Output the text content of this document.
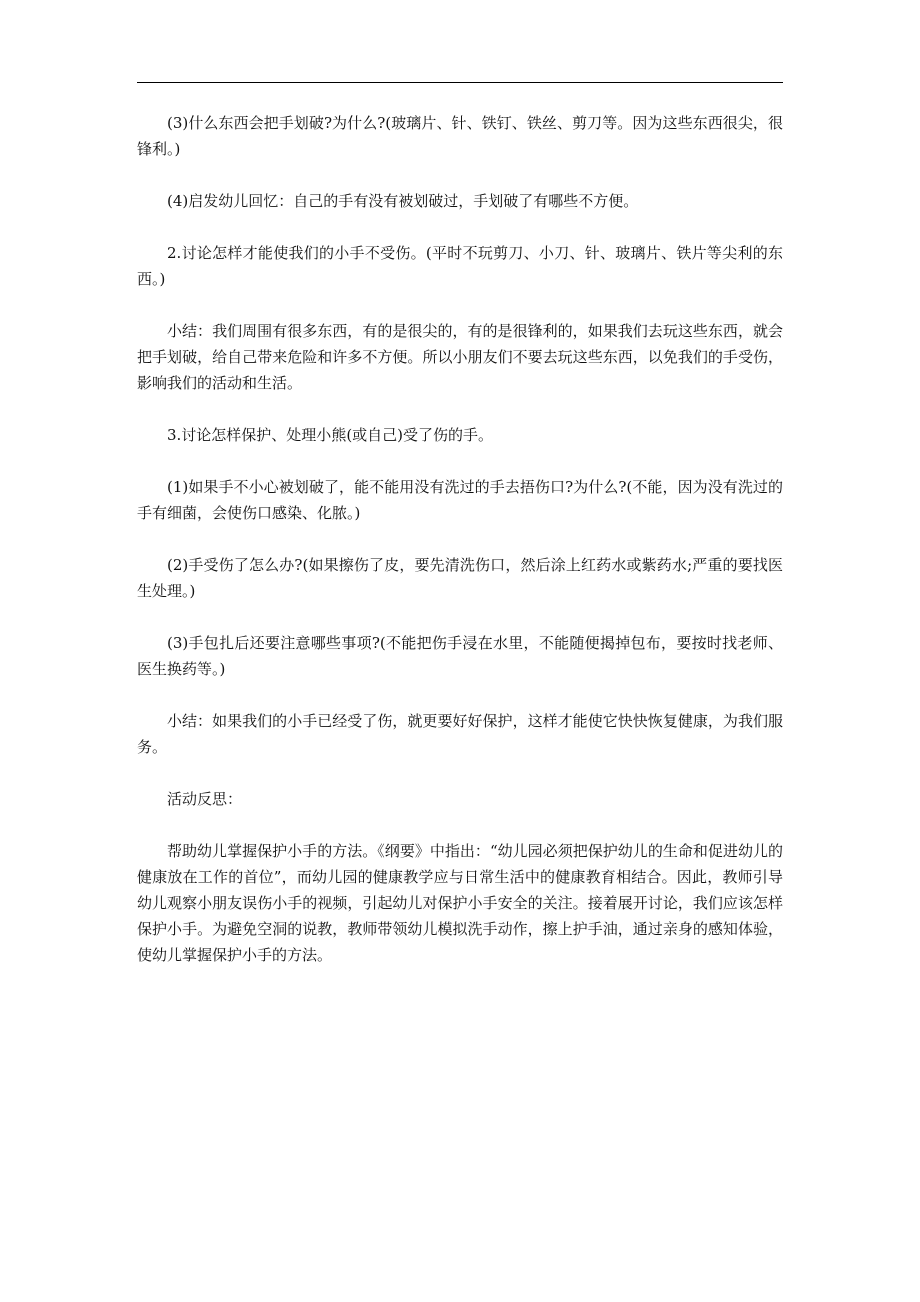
(3)什么东西会把手划破?为什么?(玻璃片、针、铁钉、铁丝、剪刀等。因为这些东西很尖，很锋利。)

(4)启发幼儿回忆：自己的手有没有被划破过，手划破了有哪些不方便。

2.讨论怎样才能使我们的小手不受伤。(平时不玩剪刀、小刀、针、玻璃片、铁片等尖利的东西。)

小结：我们周围有很多东西，有的是很尖的，有的是很锋利的，如果我们去玩这些东西，就会把手划破，给自己带来危险和许多不方便。所以小朋友们不要去玩这些东西，以免我们的手受伤，影响我们的活动和生活。

3.讨论怎样保护、处理小熊(或自己)受了伤的手。

(1)如果手不小心被划破了，能不能用没有洗过的手去捂伤口?为什么?(不能，因为没有洗过的手有细菌，会使伤口感染、化脓。)

(2)手受伤了怎么办?(如果擦伤了皮，要先清洗伤口，然后涂上红药水或紫药水;严重的要找医生处理。)

(3)手包扎后还要注意哪些事项?(不能把伤手浸在水里，不能随便揭掉包布，要按时找老师、医生换药等。)

小结：如果我们的小手已经受了伤，就更要好好保护，这样才能使它快快恢复健康，为我们服务。

活动反思：

帮助幼儿掌握保护小手的方法。《纲要》中指出：“幼儿园必须把保护幼儿的生命和促进幼儿的健康放在工作的首位”，而幼儿园的健康教学应与日常生活中的健康教育相结合。因此，教师引导幼儿观察小朋友误伤小手的视频，引起幼儿对保护小手安全的关注。接着展开讨论，我们应该怎样保护小手。为避免空洞的说教，教师带领幼儿模拟洗手动作，擦上护手油，通过亲身的感知体验，使幼儿掌握保护小手的方法。
